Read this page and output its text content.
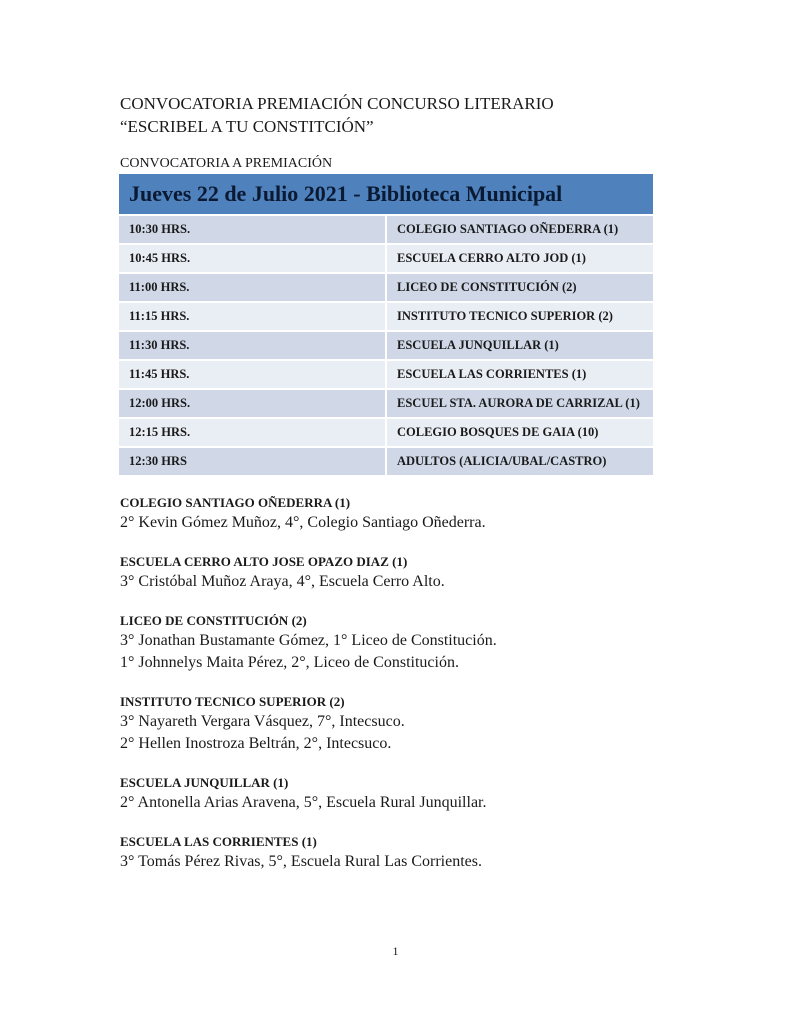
CONVOCATORIA PREMIACIÓN CONCURSO LITERARIO
“ESCRIBEL A TU CONSTITCIÓN”
CONVOCATORIA A PREMIACIÓN
Jueves 22 de Julio 2021 - Biblioteca Municipal	
10:30 HRS.	COLEGIO SANTIAGO OÑEDERRA (1)
10:45 HRS.	ESCUELA CERRO ALTO JOD (1)
11:00 HRS.	LICEO DE CONSTITUCIÓN (2)
11:15 HRS.	INSTITUTO TECNICO SUPERIOR (2)
11:30 HRS.	ESCUELA JUNQUILLAR (1)
11:45 HRS.	ESCUELA LAS CORRIENTES (1)
12:00 HRS.	ESCUEL STA. AURORA DE CARRIZAL (1)
12:15 HRS.	COLEGIO BOSQUES DE GAIA (10)
12:30 HRS	ADULTOS (ALICIA/UBAL/CASTRO)
COLEGIO SANTIAGO OÑEDERRA (1)
2° Kevin Gómez Muñoz, 4°, Colegio Santiago Oñederra.
ESCUELA CERRO ALTO JOSE OPAZO DIAZ (1)
3° Cristóbal Muñoz Araya, 4°, Escuela Cerro Alto.
LICEO DE CONSTITUCIÓN (2)
3° Jonathan Bustamante Gómez, 1° Liceo de Constitución.
1° Johnnelys Maita Pérez, 2°, Liceo de Constitución.
INSTITUTO TECNICO SUPERIOR (2)
3° Nayareth Vergara Vásquez, 7°, Intecsuco.
2° Hellen Inostroza Beltrán, 2°, Intecsuco.
ESCUELA JUNQUILLAR (1)
2° Antonella Arias Aravena, 5°, Escuela Rural Junquillar.
ESCUELA LAS CORRIENTES (1)
3° Tomás Pérez Rivas, 5°, Escuela Rural Las Corrientes.
1
